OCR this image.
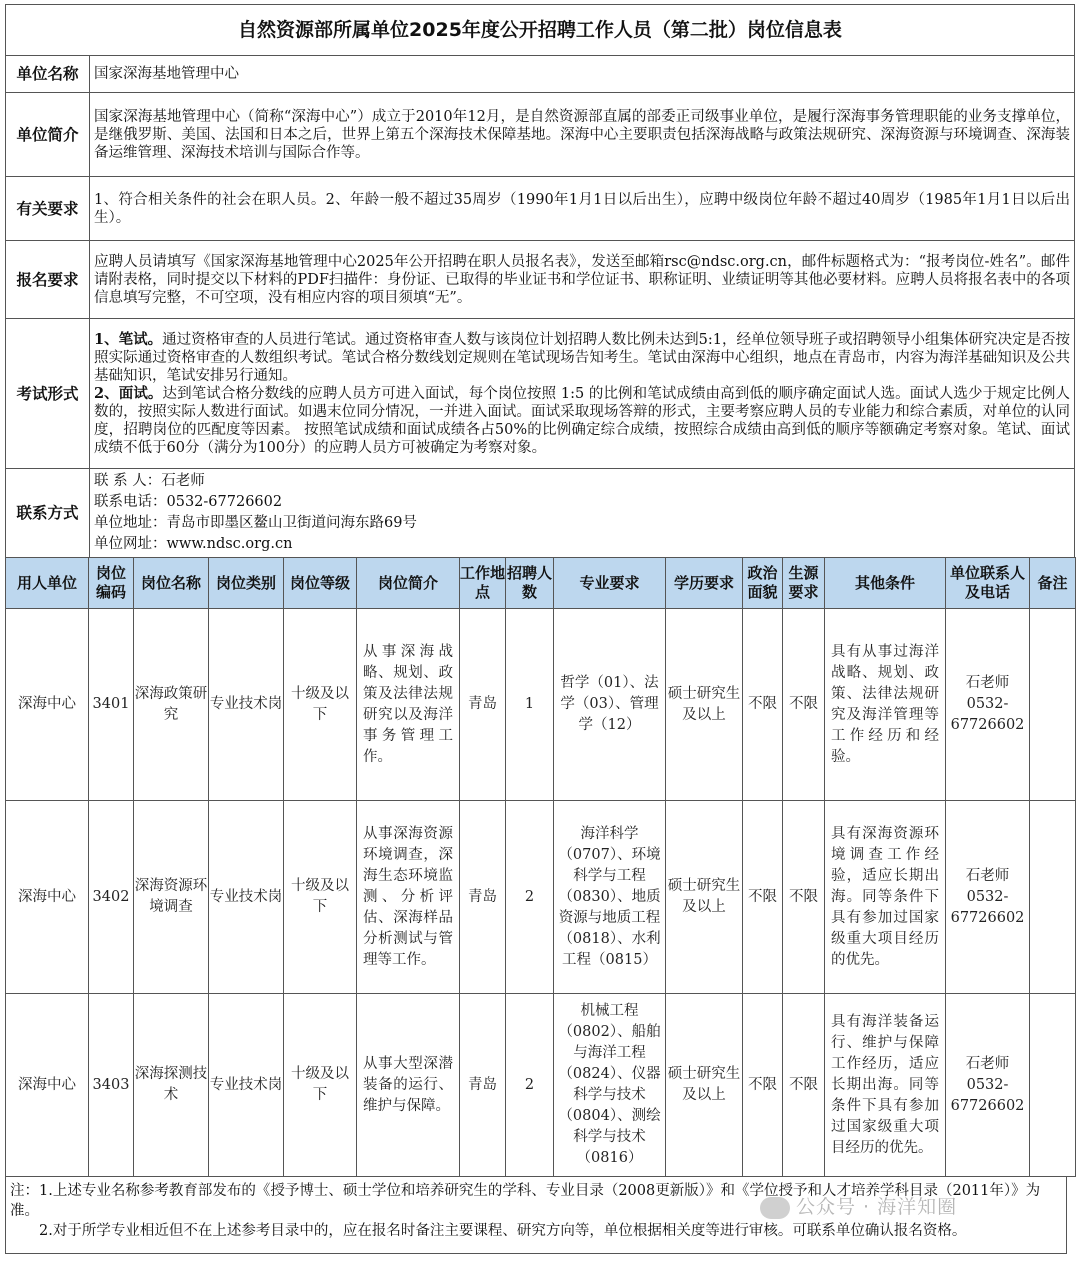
自然资源部所属单位2025年度公开招聘工作人员（第二批）岗位信息表	
单位名称	国家深海基地管理中心
单位简介	国家深海基地管理中心（简称“深海中心”）成立于2010年12月，是自然资源部直属的部委正司级事业单位，是履行深海事务管理职能的业务支撑单位，是继俄罗斯、美国、法国和日本之后，世界上第五个深海技术保障基地。深海中心主要职责包括深海战略与政策法规研究、深海资源与环境调查、深海装备运维管理、深海技术培训与国际合作等。
有关要求	1、符合相关条件的社会在职人员。2、年龄一般不超过35周岁（1990年1月1日以后出生），应聘中级岗位年龄不超过40周岁（1985年1月1日以后出生）。
报名要求	应聘人员请填写《国家深海基地管理中心2025年公开招聘在职人员报名表》，发送至邮箱rsc@ndsc.org.cn，邮件标题格式为：“报考岗位-姓名”。邮件请附表格，同时提交以下材料的PDF扫描件：身份证、已取得的毕业证书和学位证书、职称证明、业绩证明等其他必要材料。应聘人员将报名表中的各项信息填写完整，不可空项，没有相应内容的项目须填“无”。
考试形式	1、笔试。通过资格审查的人员进行笔试。通过资格审查人数与该岗位计划招聘人数比例未达到5:1，经单位领导班子或招聘领导小组集体研究决定是否按照实际通过资格审查的人数组织考试。笔试合格分数线划定规则在笔试现场告知考生。笔试由深海中心组织，地点在青岛市，内容为海洋基础知识及公共基础知识，笔试安排另行通知。
2、面试。达到笔试合格分数线的应聘人员方可进入面试，每个岗位按照 1:5 的比例和笔试成绩由高到低的顺序确定面试人选。面试人选少于规定比例人数的，按照实际人数进行面试。如遇末位同分情况，一并进入面试。面试采取现场答辩的形式，主要考察应聘人员的专业能力和综合素质，对单位的认同度，招聘岗位的匹配度等因素。 按照笔试成绩和面试成绩各占50%的比例确定综合成绩，按照综合成绩由高到低的顺序等额确定考察对象。笔试、面试成绩不低于60分（满分为100分）的应聘人员方可被确定为考察对象。
联系方式	联 系 人：石老师
联系电话：0532-67726602
单位地址：青岛市即墨区鳌山卫街道问海东路69号
单位网址：www.ndsc.org.cn
用人单位	岗位编码	岗位名称	岗位类别	岗位等级	岗位简介	工作地点	招聘人数	专业要求	学历要求	政治面貌	生源要求	其他条件	单位联系人及电话	备注
深海中心	3401	深海政策研究	专业技术岗	十级及以下	从事深海战略、规划、政策及法律法规研究以及海洋事务管理工作。	青岛	1	哲学（01）、法学（03）、管理学（12）	硕士研究生及以上	不限	不限	具有从事过海洋战略、规划、政策、法律法规研究及海洋管理等工作经历和经验。	石老师0532-67726602	
深海中心	3402	深海资源环境调查	专业技术岗	十级及以下	从事深海资源环境调查，深海生态环境监测、分析评估、深海样品分析测试与管理等工作。	青岛	2	海洋科学（0707）、环境科学与工程（0830）、地质资源与地质工程（0818）、水利工程（0815）	硕士研究生及以上	不限	不限	具有深海资源环境调查工作经验，适应长期出海。同等条件下具有参加过国家级重大项目经历的优先。	石老师0532-67726602	
深海中心	3403	深海探测技术	专业技术岗	十级及以下	从事大型深潜装备的运行、维护与保障。	青岛	2	机械工程（0802）、船舶与海洋工程（0824）、仪器科学与技术（0804）、测绘科学与技术（0816）	硕士研究生及以上	不限	不限	具有海洋装备运行、维护与保障工作经历，适应长期出海。同等条件下具有参加过国家级重大项目经历的优先。	石老师0532-67726602	
注：1.上述专业名称参考教育部发布的《授予博士、硕士学位和培养研究生的学科、专业目录（2008更新版）》和《学位授予和人才培养学科目录（2011年）》为准。
2.对于所学专业相近但不在上述参考目录中的，应在报名时备注主要课程、研究方向等，单位根据相关度等进行审核。可联系单位确认报名资格。
公众号 · 海洋知圈
